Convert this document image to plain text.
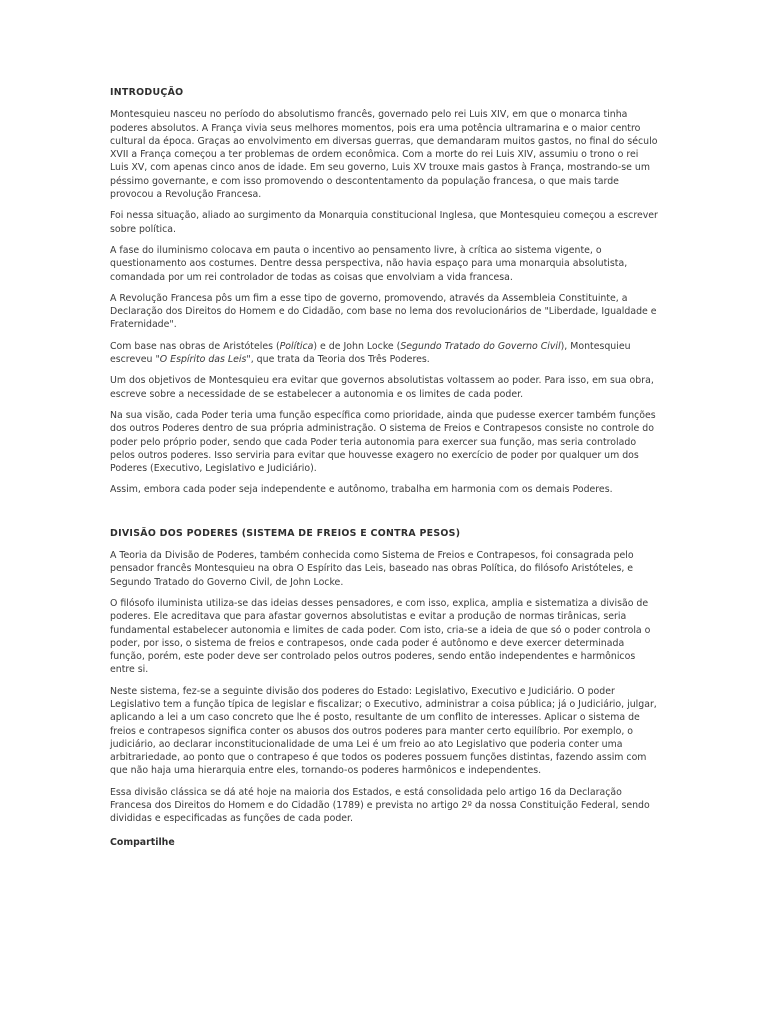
INTRODUÇÃO

Montesquieu nasceu no período do absolutismo francês, governado pelo rei Luis XIV, em que o monarca tinha poderes absolutos. A França vivia seus melhores momentos, pois era uma potência ultramarina e o maior centro cultural da época. Graças ao envolvimento em diversas guerras, que demandaram muitos gastos, no final do século XVII a França começou a ter problemas de ordem econômica. Com a morte do rei Luis XIV, assumiu o trono o rei Luis XV, com apenas cinco anos de idade. Em seu governo, Luis XV trouxe mais gastos à França, mostrando-se um péssimo governante, e com isso promovendo o descontentamento da população francesa, o que mais tarde provocou a Revolução Francesa.

Foi nessa situação, aliado ao surgimento da Monarquia constitucional Inglesa, que Montesquieu começou a escrever sobre política.

A fase do iluminismo colocava em pauta o incentivo ao pensamento livre, à crítica ao sistema vigente, o questionamento aos costumes. Dentre dessa perspectiva, não havia espaço para uma monarquia absolutista, comandada por um rei controlador de todas as coisas que envolviam a vida francesa.

A Revolução Francesa pôs um fim a esse tipo de governo, promovendo, através da Assembleia Constituinte, a Declaração dos Direitos do Homem e do Cidadão, com base no lema dos revolucionários de "Liberdade, Igualdade e Fraternidade".

Com base nas obras de Aristóteles (Política) e de John Locke (Segundo Tratado do Governo Civil), Montesquieu escreveu "O Espírito das Leis", que trata da Teoria dos Três Poderes.

Um dos objetivos de Montesquieu era evitar que governos absolutistas voltassem ao poder. Para isso, em sua obra, escreve sobre a necessidade de se estabelecer a autonomia e os limites de cada poder.

Na sua visão, cada Poder teria uma função específica como prioridade, ainda que pudesse exercer também funções dos outros Poderes dentro de sua própria administração. O sistema de Freios e Contrapesos consiste no controle do poder pelo próprio poder, sendo que cada Poder teria autonomia para exercer sua função, mas seria controlado pelos outros poderes. Isso serviria para evitar que houvesse exagero no exercício de poder por qualquer um dos Poderes (Executivo, Legislativo e Judiciário).

Assim, embora cada poder seja independente e autônomo, trabalha em harmonia com os demais Poderes.

DIVISÃO DOS PODERES (SISTEMA DE FREIOS E CONTRA PESOS)

A Teoria da Divisão de Poderes, também conhecida como Sistema de Freios e Contrapesos, foi consagrada pelo pensador francês Montesquieu na obra O Espírito das Leis, baseado nas obras Política, do filósofo Aristóteles, e Segundo Tratado do Governo Civil, de John Locke.

O filósofo iluminista utiliza-se das ideias desses pensadores, e com isso, explica, amplia e sistematiza a divisão de poderes. Ele acreditava que para afastar governos absolutistas e evitar a produção de normas tirânicas, seria fundamental estabelecer autonomia e limites de cada poder. Com isto, cria-se a ideia de que só o poder controla o poder, por isso, o sistema de freios e contrapesos, onde cada poder é autônomo e deve exercer determinada função, porém, este poder deve ser controlado pelos outros poderes, sendo então independentes e harmônicos entre si.

Neste sistema, fez-se a seguinte divisão dos poderes do Estado: Legislativo, Executivo e Judiciário. O poder Legislativo tem a função típica de legislar e fiscalizar; o Executivo, administrar a coisa pública; já o Judiciário, julgar, aplicando a lei a um caso concreto que lhe é posto, resultante de um conflito de interesses. Aplicar o sistema de freios e contrapesos significa conter os abusos dos outros poderes para manter certo equilíbrio. Por exemplo, o judiciário, ao declarar inconstitucionalidade de uma Lei é um freio ao ato Legislativo que poderia conter uma arbitrariedade, ao ponto que o contrapeso é que todos os poderes possuem funções distintas, fazendo assim com que não haja uma hierarquia entre eles, tornando-os poderes harmônicos e independentes.

Essa divisão clássica se dá até hoje na maioria dos Estados, e está consolidada pelo artigo 16 da Declaração Francesa dos Direitos do Homem e do Cidadão (1789) e prevista no artigo 2º da nossa Constituição Federal, sendo divididas e especificadas as funções de cada poder.

Compartilhe
